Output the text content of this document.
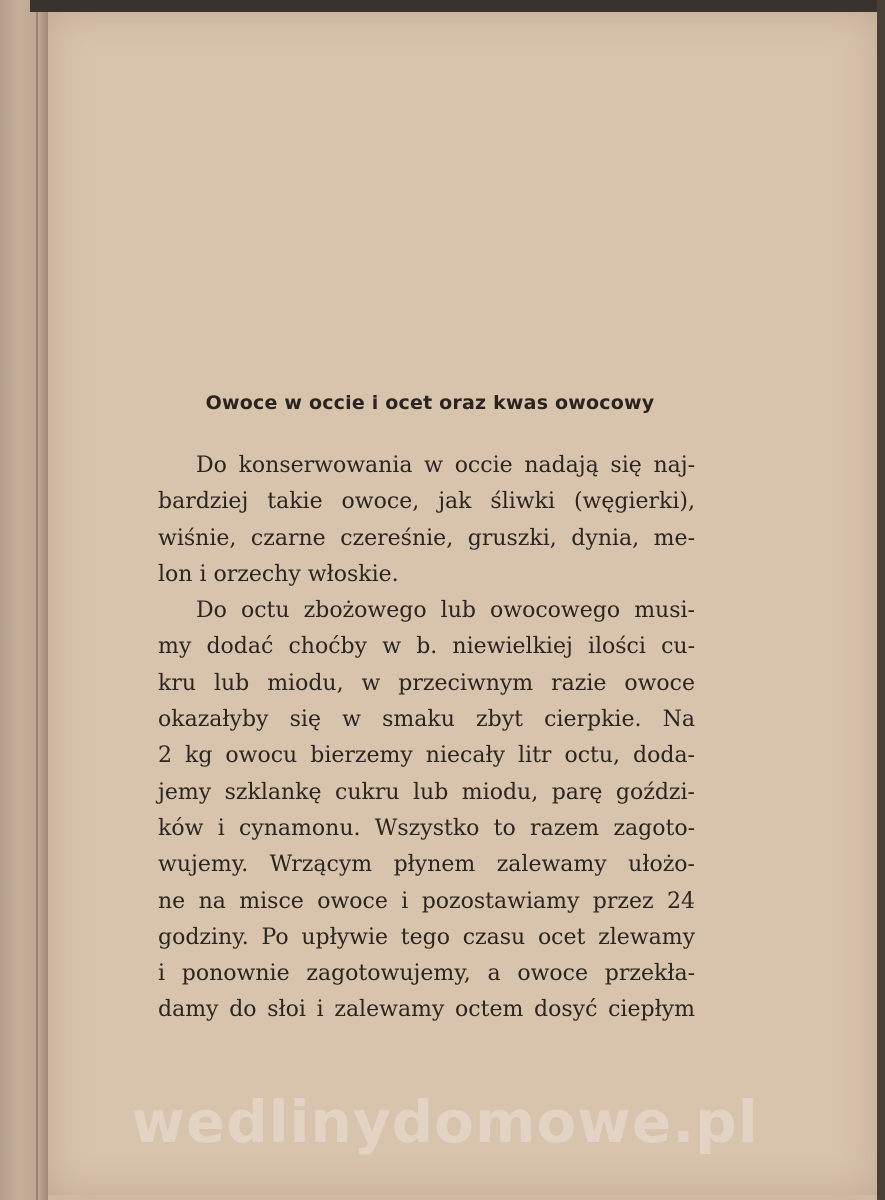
Owoce w occie i ocet oraz kwas owocowy
Do konserwowania w occie nadają się naj-
bardziej takie owoce, jak śliwki (węgierki),
wiśnie, czarne czereśnie, gruszki, dynia, me-
lon i orzechy włoskie.
Do octu zbożowego lub owocowego musi-
my dodać choćby w b. niewielkiej ilości cu-
kru lub miodu, w przeciwnym razie owoce
okazałyby się w smaku zbyt cierpkie. Na
2 kg owocu bierzemy niecały litr octu, doda-
jemy szklankę cukru lub miodu, parę goździ-
ków i cynamonu. Wszystko to razem zagoto-
wujemy. Wrzącym płynem zalewamy ułożo-
ne na misce owoce i pozostawiamy przez 24
godziny. Po upływie tego czasu ocet zlewamy
i ponownie zagotowujemy, a owoce przekła-
damy do słoi i zalewamy octem dosyć ciepłym
wedlinydomowe.pl
